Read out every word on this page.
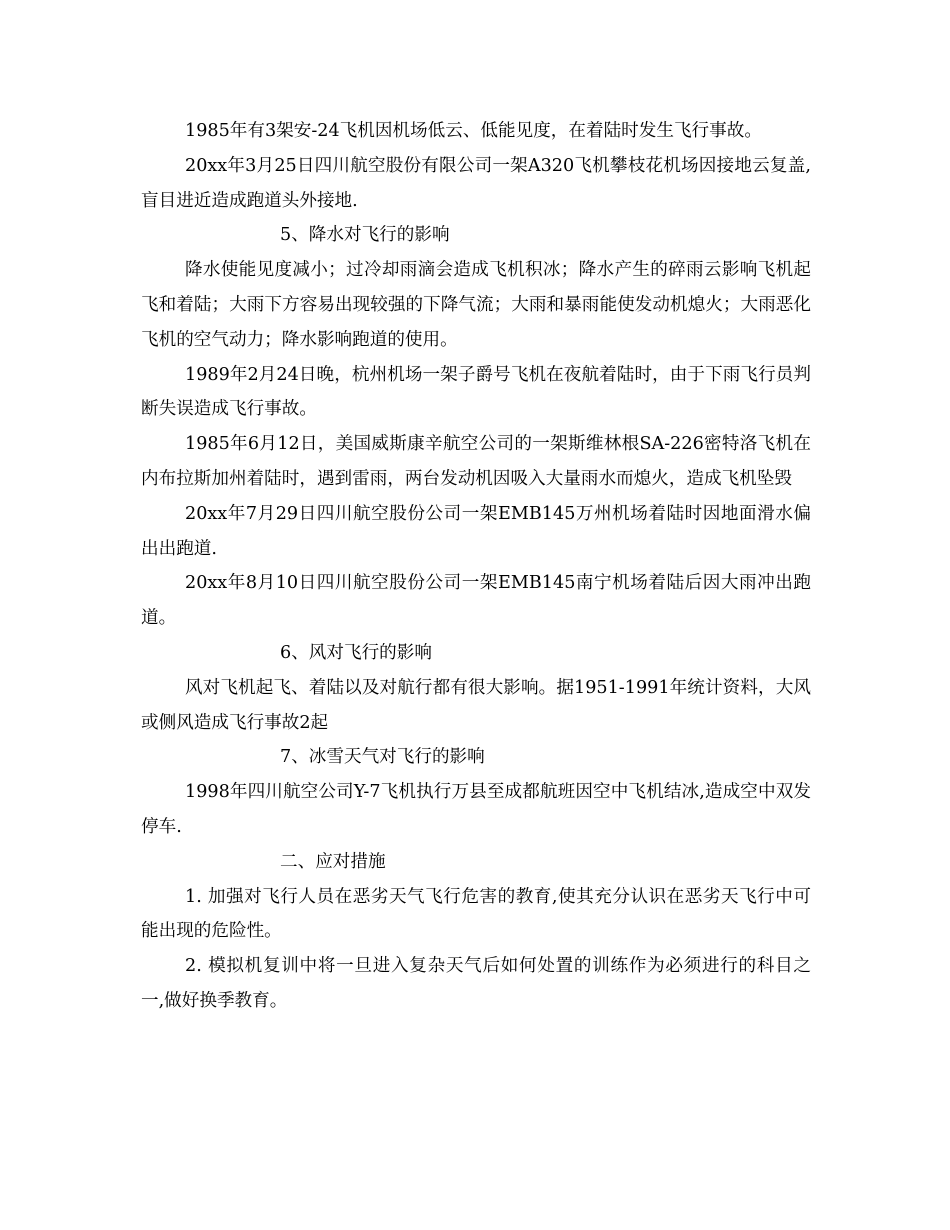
1985年有3架安-24飞机因机场低云、低能见度，在着陆时发生飞行事故。

20xx年3月25日四川航空股份有限公司一架A320飞机攀枝花机场因接地云复盖,盲目进近造成跑道头外接地.

5、降水对飞行的影响

降水使能见度减小；过冷却雨滴会造成飞机积冰；降水产生的碎雨云影响飞机起飞和着陆；大雨下方容易出现较强的下降气流；大雨和暴雨能使发动机熄火；大雨恶化飞机的空气动力；降水影响跑道的使用。

1989年2月24日晚，杭州机场一架子爵号飞机在夜航着陆时，由于下雨飞行员判断失误造成飞行事故。

1985年6月12日，美国威斯康辛航空公司的一架斯维林根SA-226密特洛飞机在内布拉斯加州着陆时，遇到雷雨，两台发动机因吸入大量雨水而熄火，造成飞机坠毁

20xx年7月29日四川航空股份公司一架EMB145万州机场着陆时因地面滑水偏出出跑道.

20xx年8月10日四川航空股份公司一架EMB145南宁机场着陆后因大雨冲出跑道。

6、风对飞行的影响

风对飞机起飞、着陆以及对航行都有很大影响。据1951-1991年统计资料，大风或侧风造成飞行事故2起

7、冰雪天气对飞行的影响

1998年四川航空公司Y-7飞机执行万县至成都航班因空中飞机结冰,造成空中双发停车.

二、应对措施

1. 加强对飞行人员在恶劣天气飞行危害的教育,使其充分认识在恶劣天飞行中可能出现的危险性。

2. 模拟机复训中将一旦进入复杂天气后如何处置的训练作为必须进行的科目之一,做好换季教育。
